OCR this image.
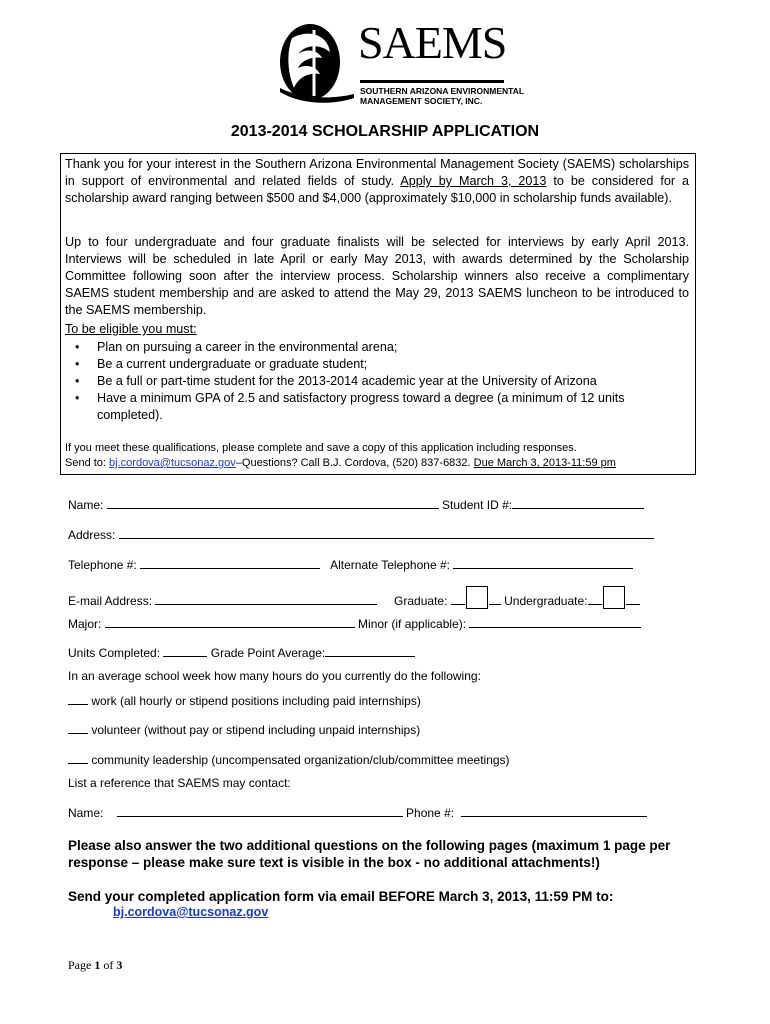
SAEMS
SOUTHERN ARIZONA ENVIRONMENTAL
MANAGEMENT SOCIETY, INC.
2013-2014 SCHOLARSHIP APPLICATION

Thank you for your interest in the Southern Arizona Environmental Management Society (SAEMS) scholarships in support of environmental and related fields of study. Apply by March 3, 2013 to be considered for a scholarship award ranging between $500 and $4,000 (approximately $10,000 in scholarship funds available).

Up to four undergraduate and four graduate finalists will be selected for interviews by early April 2013. Interviews will be scheduled in late April or early May 2013, with awards determined by the Scholarship Committee following soon after the interview process. Scholarship winners also receive a complimentary SAEMS student membership and are asked to attend the May 29, 2013 SAEMS luncheon to be introduced to the SAEMS membership.

To be eligible you must:
• Plan on pursuing a career in the environmental arena;
• Be a current undergraduate or graduate student;
• Be a full or part-time student for the 2013-2014 academic year at the University of Arizona
• Have a minimum GPA of 2.5 and satisfactory progress toward a degree (a minimum of 12 units completed).

If you meet these qualifications, please complete and save a copy of this application including responses.

Send to: bj.cordova@tucsonaz.gov–Questions? Call B.J. Cordova, (520) 837-6832. Due March 3, 2013-11:59 pm

Name:	Student ID #:
Address:
Telephone #:	Alternate Telephone #:
E-mail Address:	Graduate:	Undergraduate:
Major:	Minor (if applicable):
Units Completed:	Grade Point Average:
In an average school week how many hours do you currently do the following:
work (all hourly or stipend positions including paid internships)
volunteer (without pay or stipend including unpaid internships)
community leadership (uncompensated organization/club/committee meetings)
List a reference that SAEMS may contact:
Name:	Phone #:
Please also answer the two additional questions on the following pages (maximum 1 page per response – please make sure text is visible in the box - no additional attachments!)
Send your completed application form via email BEFORE March 3, 2013, 11:59 PM to:
bj.cordova@tucsonaz.gov
Page 1 of 3
